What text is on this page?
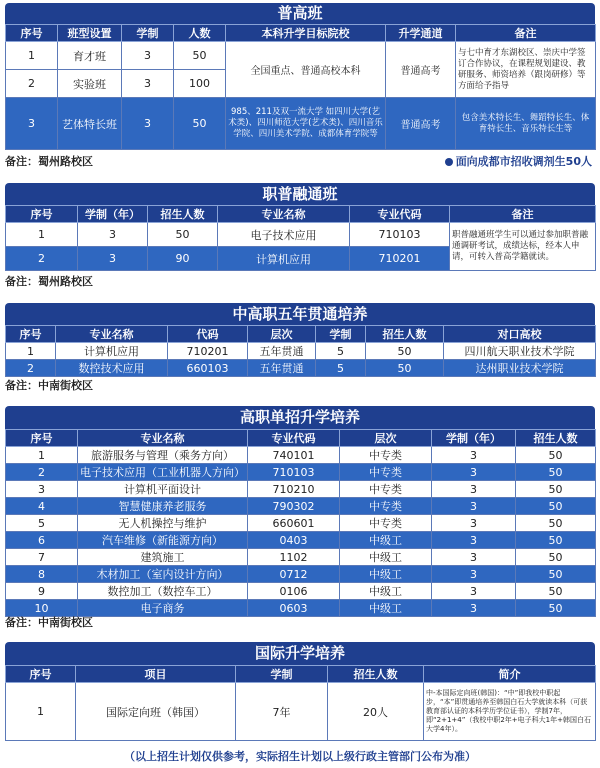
普高班
序号	班型设置	学制	人数	本科升学目标院校	升学通道	备注
1	育才班	3	50	全国重点、普通高校本科	普通高考	与七中育才东湖校区、崇庆中学签订合作协议，在课程规划建设、教研服务、师资培养（跟岗研修）等方面给予指导
2	实验班	3	100			
3	艺体特长班	3	50	985、211及双一流大学 如四川大学(艺术类)、四川师范大学(艺术类)、四川音乐学院、四川美术学院、成都体育学院等	普通高考	包含美术特长生、舞蹈特长生、体育特长生、音乐特长生等
备注：蜀州路校区	面向成都市招收调剂生50人
职普融通班
序号	学制（年）	招生人数	专业名称	专业代码	备注
1	3	50	电子技术应用	710103	职普融通班学生可以通过参加职普融通调研考试，成绩达标，经本人申请，可转入普高学籍就读。
2	3	90	计算机应用	710201	
备注：蜀州路校区
中高职五年贯通培养
序号	专业名称	代码	层次	学制	招生人数	对口高校
1	计算机应用	710201	五年贯通	5	50	四川航天职业技术学院
2	数控技术应用	660103	五年贯通	5	50	达州职业技术学院
备注：中南街校区
高职单招升学培养
序号	专业名称	专业代码	层次	学制（年）	招生人数
1	旅游服务与管理（乘务方向）	740101	中专类	3	50
2	电子技术应用（工业机器人方向）	710103	中专类	3	50
3	计算机平面设计	710210	中专类	3	50
4	智慧健康养老服务	790302	中专类	3	50
5	无人机操控与维护	660601	中专类	3	50
6	汽车维修（新能源方向）	0403	中级工	3	50
7	建筑施工	1102	中级工	3	50
8	木材加工（室内设计方向）	0712	中级工	3	50
9	数控加工（数控车工）	0106	中级工	3	50
10	电子商务	0603	中级工	3	50
备注：中南街校区
国际升学培养
序号	项目	学制	招生人数	简介
1	国际定向班（韩国）	7年	20人	中-本国际定向班(韩国)：“中”即我校中职起步，“本”即贯通培养至韩国白石大学就读本科（可获教育部认证的本科学历学位证书），学制7年，即“2+1+4”（我校中职2年+电子科大1年+韩国白石大学4年）。
（以上招生计划仅供参考，实际招生计划以上级行政主管部门公布为准）
